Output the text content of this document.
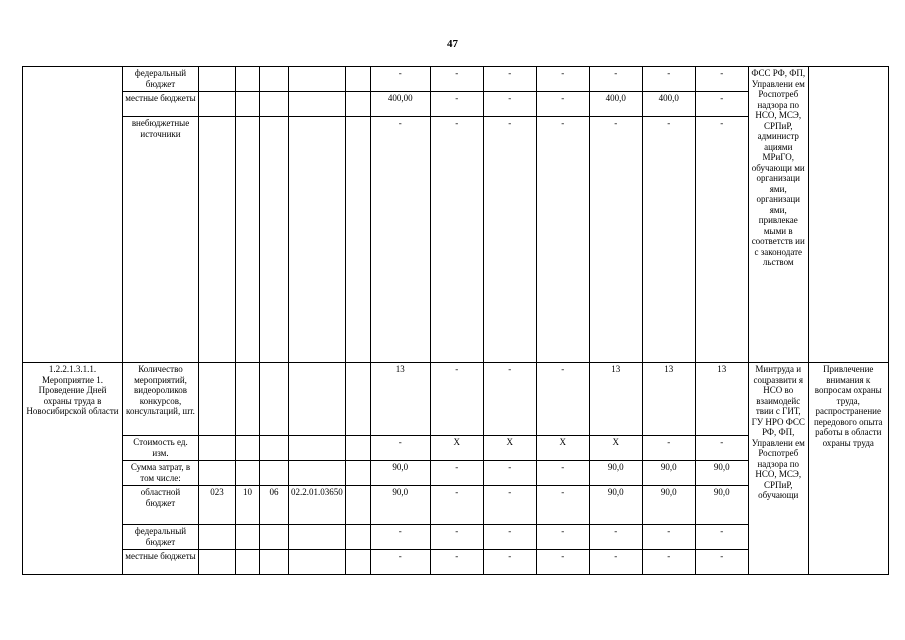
47
	федеральный бюджет						-	-	-	-	-	-	-	ФСС РФ, ФП, Управлени ем Роспотреб надзора по НСО, МСЭ, СРПиР, администр ациями МРиГО, обучающи ми организаци ями, организаци ями, привлекае мыми в соответств ии с законодате льством	
	местные бюджеты						400,00	-	-	-	400,0	400,0	-		
	внебюджетные источники						-	-	-	-	-	-	-		
1.2.2.1.3.1.1. Мероприятие 1. Проведение Дней охраны труда в Новосибирской области	Количество мероприятий, видеороликов конкурсов, консультаций, шт.						13	-	-	-	13	13	13	Минтруда и соцразвити я НСО во взаимодейс твии с ГИТ, ГУ НРО ФСС РФ, ФП, Управлени ем Роспотреб надзора по НСО, МСЭ, СРПиР, обучающи	Привлечение внимания к вопросам охраны труда, распространение передового опыта работы в области охраны труда
	Стоимость ед. изм.						-	Х	Х	Х	Х	-	-		
	Сумма затрат, в том числе:						90,0	-	-	-	90,0	90,0	90,0		
	областной бюджет	023	10	06	02.2.01.03650		90,0	-	-	-	90,0	90,0	90,0		
	федеральный бюджет						-	-	-	-	-	-	-		
	местные бюджеты						-	-	-	-	-	-	-		
